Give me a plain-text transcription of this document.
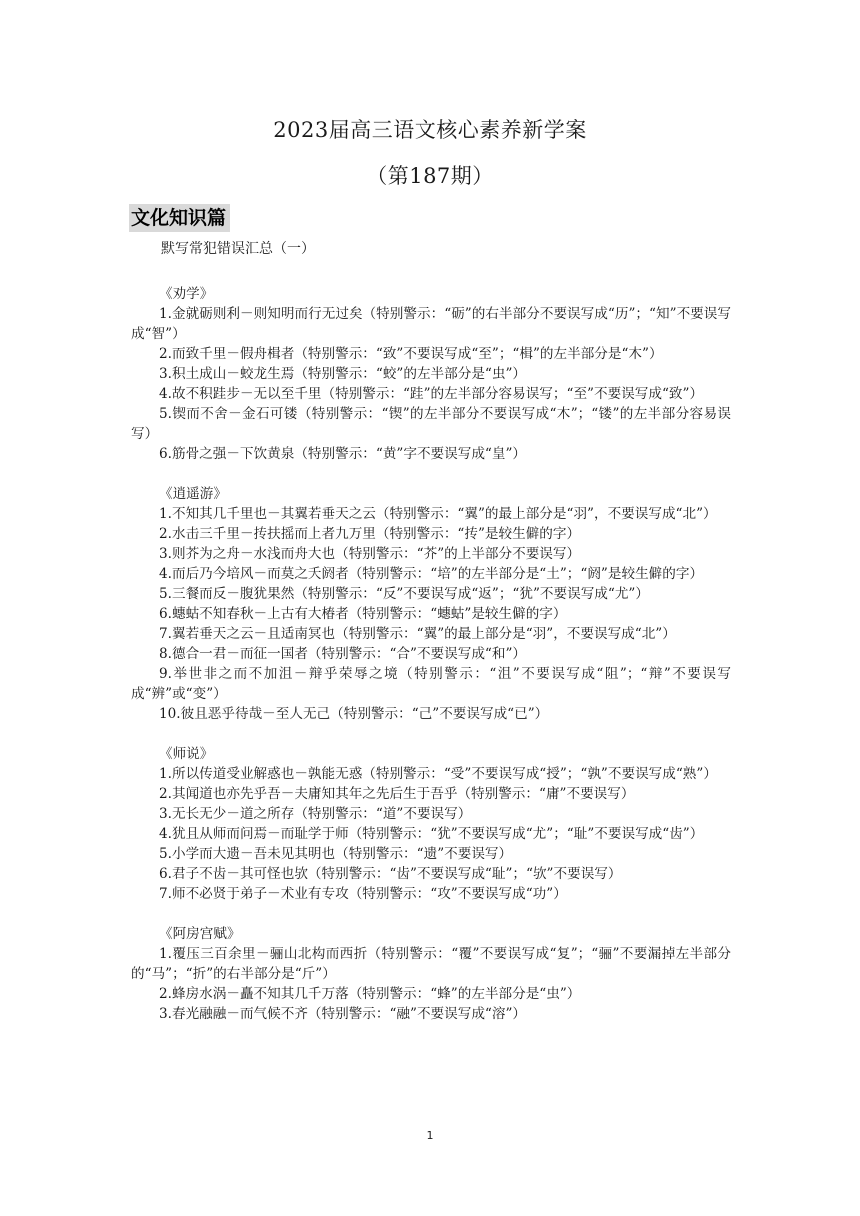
2023届高三语文核心素养新学案
（第187期）
文化知识篇
默写常犯错误汇总（一）
《劝学》
1.金就砺则利－则知明而行无过矣（特别警示：“砺”的右半部分不要误写成“历”；“知”不要误写成“智”）
2.而致千里－假舟楫者（特别警示：“致”不要误写成“至”；“楫”的左半部分是“木”）
3.积土成山－蛟龙生焉（特别警示：“蛟”的左半部分是“虫”）
4.故不积跬步－无以至千里（特别警示：“跬”的左半部分容易误写；“至”不要误写成“致”）
5.锲而不舍－金石可镂（特别警示：“锲”的左半部分不要误写成“木”；“镂”的左半部分容易误写）
6.筋骨之强－下饮黄泉（特别警示：“黄”字不要误写成“皇”）
《逍遥游》
1.不知其几千里也－其翼若垂天之云（特别警示：“翼”的最上部分是“羽”，不要误写成“北”）
2.水击三千里－抟扶摇而上者九万里（特别警示：“抟”是较生僻的字）
3.则芥为之舟－水浅而舟大也（特别警示：“芥”的上半部分不要误写）
4.而后乃今培风－而莫之夭阏者（特别警示：“培”的左半部分是“土”；“阏”是较生僻的字）
5.三餐而反－腹犹果然（特别警示：“反”不要误写成“返”；“犹”不要误写成“尤”）
6.蟪蛄不知春秋－上古有大椿者（特别警示：“蟪蛄”是较生僻的字）
7.翼若垂天之云－且适南冥也（特别警示：“翼”的最上部分是“羽”，不要误写成“北”）
8.德合一君－而征一国者（特别警示：“合”不要误写成“和”）
9.举世非之而不加沮－辩乎荣辱之境（特别警示：“沮”不要误写成“阻”；“辩”不要误写成“辨”或“变”）
10.彼且恶乎待哉－至人无己（特别警示：“己”不要误写成“已”）
《师说》
1.所以传道受业解惑也－孰能无惑（特别警示：“受”不要误写成“授”；“孰”不要误写成“熟”）
2.其闻道也亦先乎吾－夫庸知其年之先后生于吾乎（特别警示：“庸”不要误写）
3.无长无少－道之所存（特别警示：“道”不要误写）
4.犹且从师而问焉－而耻学于师（特别警示：“犹”不要误写成“尤”；“耻”不要误写成“齿”）
5.小学而大遗－吾未见其明也（特别警示：“遗”不要误写）
6.君子不齿－其可怪也欤（特别警示：“齿”不要误写成“耻”；“欤”不要误写）
7.师不必贤于弟子－术业有专攻（特别警示：“攻”不要误写成“功”）
《阿房宫赋》
1.覆压三百余里－骊山北构而西折（特别警示：“覆”不要误写成“复”；“骊”不要漏掉左半部分的“马”；“折”的右半部分是“斤”）
2.蜂房水涡－矗不知其几千万落（特别警示：“蜂”的左半部分是“虫”）
3.春光融融－而气候不齐（特别警示：“融”不要误写成“溶”）
1
